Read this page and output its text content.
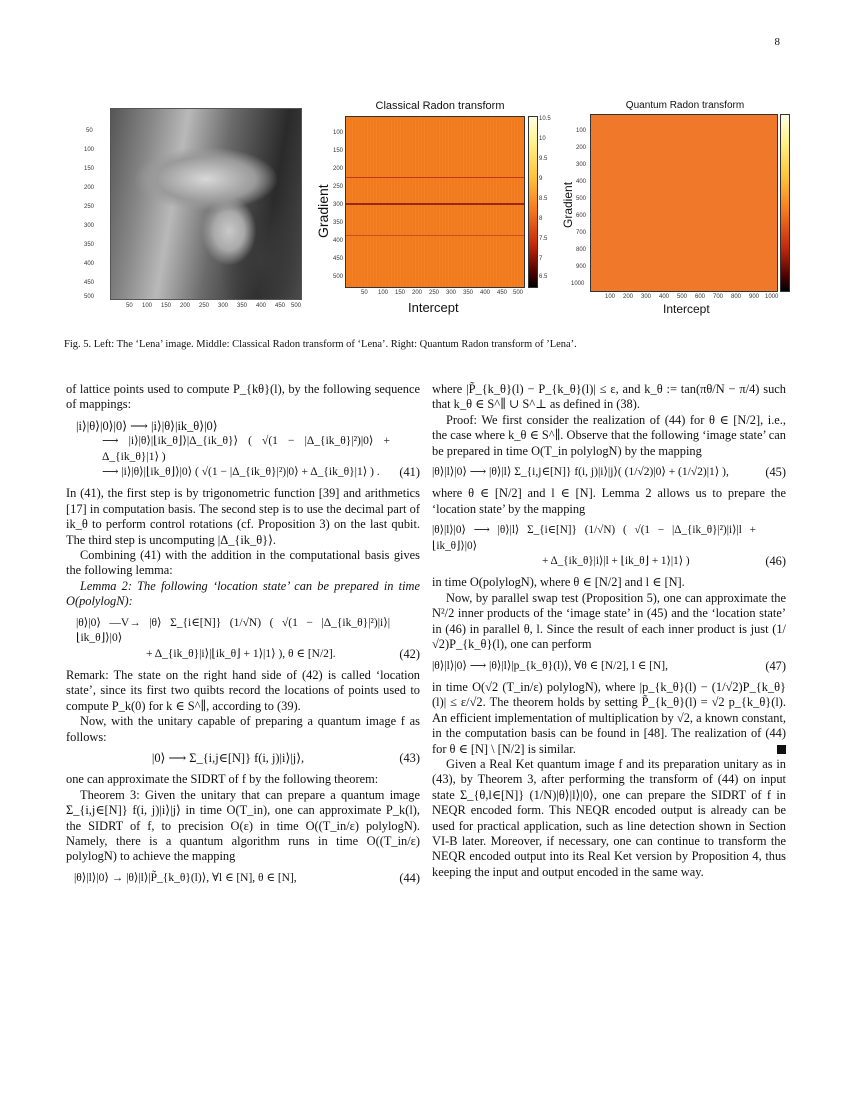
8
50
100
150
200
250
300
350
400
450
500
50 100 150 200 250 300 350 400 450 500
Classical Radon transform
10.5
10
9.5
9
8.5
8
7.5
7
6.5
100
150
200
250
300
350
400
450
500
50 100 150 200 250 300 350 400 450 500
Gradient
Intercept
Quantum Radon transform
100
200
300
400
500
600
700
800
900
1000
100 200 300 400 500 600 700 800 900 1000
Gradient
Intercept
Fig. 5. Left: The ‘Lena’ image. Middle: Classical Radon transform of ‘Lena’. Right: Quantum Radon transform of ’Lena’.

of lattice points used to compute P_{kθ}(l), by the following sequence of mappings:

|i⟩|θ⟩|0⟩|0⟩ ⟶ |i⟩|θ⟩|ik_θ⟩|0⟩
⟶ |i⟩|θ⟩|⌊ik_θ⌋⟩|Δ_{ik_θ}⟩ ( √(1 − |Δ_{ik_θ}|²)|0⟩ + Δ_{ik_θ}|1⟩ )
⟶ |i⟩|θ⟩|⌊ik_θ⌋⟩|0⟩ ( √(1 − |Δ_{ik_θ}|²)|0⟩ + Δ_{ik_θ}|1⟩ ) .	(41)

In (41), the first step is by trigonometric function [39] and arithmetics [17] in computation basis. The second step is to use the decimal part of ik_θ to perform control rotations (cf. Proposition 3) on the last qubit. The third step is uncomputing |Δ_{ik_θ}⟩.

Combining (41) with the addition in the computational basis gives the following lemma:

Lemma 2: The following ‘location state’ can be prepared in time O(polylogN):

|θ⟩|0⟩ —V→ |θ⟩ Σ_{i∈[N]} (1/√N) ( √(1 − |Δ_{ik_θ}|²)|i⟩|⌊ik_θ⌋⟩|0⟩
+ Δ_{ik_θ}|i⟩|⌊ik_θ⌋ + 1⟩|1⟩ ), θ ∈ [N/2].	(42)

Remark: The state on the right hand side of (42) is called ‘location state’, since its first two quibts record the locations of points used to compute P_k(0) for k ∈ S^∥, according to (39).

Now, with the unitary capable of preparing a quantum image f as follows:

|0⟩ ⟶ Σ_{i,j∈[N]} f(i, j)|i⟩|j⟩,	(43)

one can approximate the SIDRT of f by the following theorem:

Theorem 3: Given the unitary that can prepare a quantum image Σ_{i,j∈[N]} f(i, j)|i⟩|j⟩ in time O(T_in), one can approximate P_k(l), the SIDRT of f, to precision O(ε) in time O((T_in/ε) polylogN). Namely, there is a quantum algorithm runs in time O((T_in/ε) polylogN) to achieve the mapping

|θ⟩|l⟩|0⟩ → |θ⟩|l⟩|P̃_{k_θ}(l)⟩, ∀l ∈ [N], θ ∈ [N],	(44)

where |P̃_{k_θ}(l) − P_{k_θ}(l)| ≤ ε, and k_θ := tan(πθ/N − π/4) such that k_θ ∈ S^∥ ∪ S^⊥ as defined in (38).

Proof: We first consider the realization of (44) for θ ∈ [N/2], i.e., the case where k_θ ∈ S^∥. Observe that the following ‘image state’ can be prepared in time O(T_in polylogN) by the mapping

|θ⟩|l⟩|0⟩ ⟶ |θ⟩|l⟩ Σ_{i,j∈[N]} f(i, j)|i⟩|j⟩( (1/√2)|0⟩ + (1/√2)|1⟩ ),	(45)

where θ ∈ [N/2] and l ∈ [N]. Lemma 2 allows us to prepare the ‘location state’ by the mapping

|θ⟩|l⟩|0⟩ ⟶ |θ⟩|l⟩ Σ_{i∈[N]} (1/√N) ( √(1 − |Δ_{ik_θ}|²)|i⟩|l + ⌊ik_θ⌋⟩|0⟩
+ Δ_{ik_θ}|i⟩|l + ⌊ik_θ⌋ + 1⟩|1⟩ )	(46)

in time O(polylogN), where θ ∈ [N/2] and l ∈ [N].

Now, by parallel swap test (Proposition 5), one can approximate the N²/2 inner products of the ‘image state’ in (45) and the ‘location state’ in (46) in parallel θ, l. Since the result of each inner product is just (1/√2)P_{k_θ}(l), one can perform

|θ⟩|l⟩|0⟩ ⟶ |θ⟩|l⟩|p_{k_θ}(l)⟩, ∀θ ∈ [N/2], l ∈ [N],	(47)

in time O(√2 (T_in/ε) polylogN), where |p_{k_θ}(l) − (1/√2)P_{k_θ}(l)| ≤ ε/√2. The theorem holds by setting P̃_{k_θ}(l) = √2 p_{k_θ}(l). An efficient implementation of multiplication by √2, a known constant, in the computation basis can be found in [48]. The realization of (44) for θ ∈ [N] \ [N/2] is similar.

Given a Real Ket quantum image f and its preparation unitary as in (43), by Theorem 3, after performing the transform of (44) on input state Σ_{θ,l∈[N]} (1/N)|θ⟩|l⟩|0⟩, one can prepare the SIDRT of f in NEQR encoded form. This NEQR encoded output is already can be used for practical application, such as line detection shown in Section VI-B later. Moreover, if necessary, one can continue to transform the NEQR encoded output into its Real Ket version by Proposition 4, thus keeping the input and output encoded in the same way.
